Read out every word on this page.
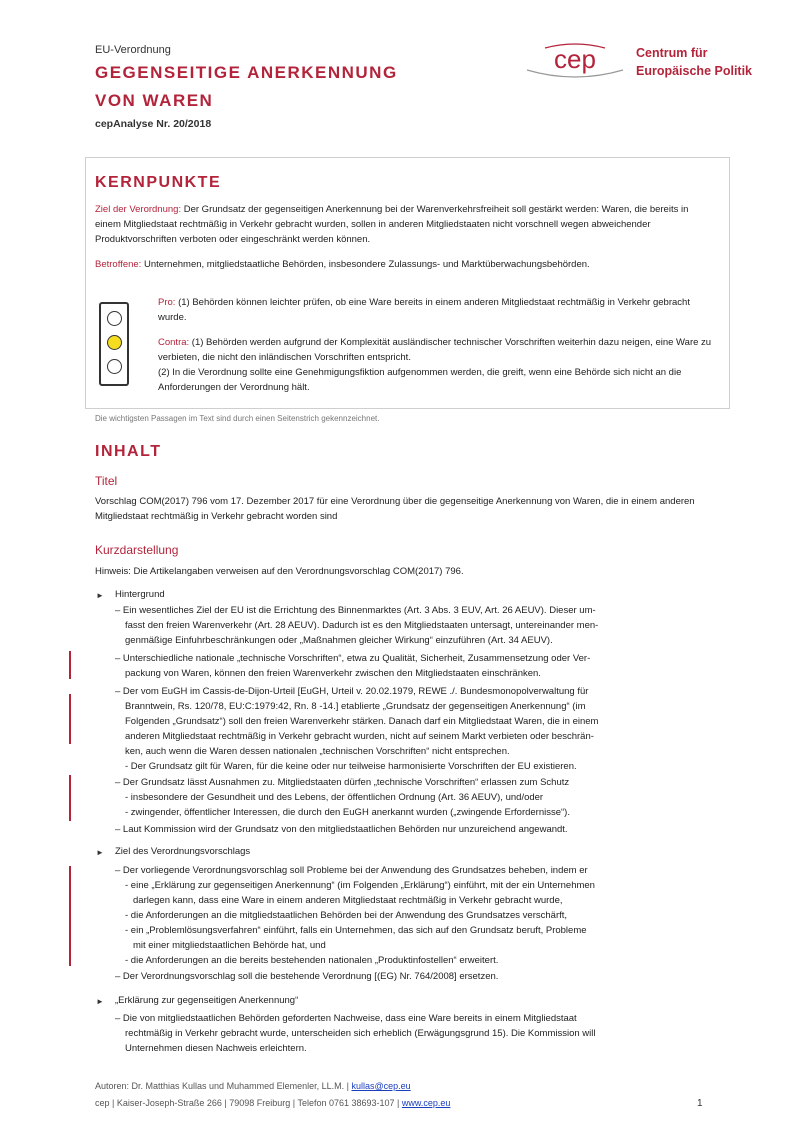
EU-Verordnung
GEGENSEITIGE ANERKENNUNG
VON WAREN
cepAnalyse Nr. 20/2018
cep	Centrum für
Europäische Politik
KERNPUNKTE
Ziel der Verordnung: Der Grundsatz der gegenseitigen Anerkennung bei der Warenverkehrsfreiheit soll gestärkt werden: Waren, die bereits in einem Mitgliedstaat rechtmäßig in Verkehr gebracht wurden, sollen in anderen Mitgliedstaaten nicht vorschnell wegen abweichender Produktvorschriften verboten oder eingeschränkt werden können.
Betroffene: Unternehmen, mitgliedstaatliche Behörden, insbesondere Zulassungs- und Marktüberwachungsbehörden.
Pro: (1) Behörden können leichter prüfen, ob eine Ware bereits in einem anderen Mitgliedstaat rechtmäßig in Verkehr gebracht wurde.
Contra: (1) Behörden werden aufgrund der Komplexität ausländischer technischer Vorschriften weiterhin dazu neigen, eine Ware zu verbieten, die nicht den inländischen Vorschriften entspricht.
(2) In die Verordnung sollte eine Genehmigungsfiktion aufgenommen werden, die greift, wenn eine Behörde sich nicht an die Anforderungen der Verordnung hält.
Die wichtigsten Passagen im Text sind durch einen Seitenstrich gekennzeichnet.
INHALT
Titel
Vorschlag COM(2017) 796 vom 17. Dezember 2017 für eine Verordnung über die gegenseitige Anerkennung von Waren, die in einem anderen Mitgliedstaat rechtmäßig in Verkehr gebracht worden sind
Kurzdarstellung
Hinweis: Die Artikelangaben verweisen auf den Verordnungsvorschlag COM(2017) 796.
► Hintergrund
– Ein wesentliches Ziel der EU ist die Errichtung des Binnenmarktes (Art. 3 Abs. 3 EUV, Art. 26 AEUV). Dieser um-
fasst den freien Warenverkehr (Art. 28 AEUV). Dadurch ist es den Mitgliedstaaten untersagt, untereinander men-
genmäßige Einfuhrbeschränkungen oder „Maßnahmen gleicher Wirkung“ einzuführen (Art. 34 AEUV).
– Unterschiedliche nationale „technische Vorschriften“, etwa zu Qualität, Sicherheit, Zusammensetzung oder Ver-
packung von Waren, können den freien Warenverkehr zwischen den Mitgliedstaaten einschränken.
– Der vom EuGH im Cassis-de-Dijon-Urteil [EuGH, Urteil v. 20.02.1979, REWE ./. Bundesmonopolverwaltung für
Branntwein, Rs. 120/78, EU:C:1979:42, Rn. 8 -14.] etablierte „Grundsatz der gegenseitigen Anerkennung“ (im
Folgenden „Grundsatz“) soll den freien Warenverkehr stärken. Danach darf ein Mitgliedstaat Waren, die in einem
anderen Mitgliedstaat rechtmäßig in Verkehr gebracht wurden, nicht auf seinem Markt verbieten oder beschrän-
ken, auch wenn die Waren dessen nationalen „technischen Vorschriften“ nicht entsprechen.
- Der Grundsatz gilt für Waren, für die keine oder nur teilweise harmonisierte Vorschriften der EU existieren.
– Der Grundsatz lässt Ausnahmen zu. Mitgliedstaaten dürfen „technische Vorschriften“ erlassen zum Schutz
- insbesondere der Gesundheit und des Lebens, der öffentlichen Ordnung (Art. 36 AEUV), und/oder
- zwingender, öffentlicher Interessen, die durch den EuGH anerkannt wurden („zwingende Erfordernisse“).
– Laut Kommission wird der Grundsatz von den mitgliedstaatlichen Behörden nur unzureichend angewandt.
► Ziel des Verordnungsvorschlags
– Der vorliegende Verordnungsvorschlag soll Probleme bei der Anwendung des Grundsatzes beheben, indem er
- eine „Erklärung zur gegenseitigen Anerkennung“ (im Folgenden „Erklärung“) einführt, mit der ein Unternehmen
darlegen kann, dass eine Ware in einem anderen Mitgliedstaat rechtmäßig in Verkehr gebracht wurde,
- die Anforderungen an die mitgliedstaatlichen Behörden bei der Anwendung des Grundsatzes verschärft,
- ein „Problemlösungsverfahren“ einführt, falls ein Unternehmen, das sich auf den Grundsatz beruft, Probleme
mit einer mitgliedstaatlichen Behörde hat, und
- die Anforderungen an die bereits bestehenden nationalen „Produktinfostellen“ erweitert.
– Der Verordnungsvorschlag soll die bestehende Verordnung [(EG) Nr. 764/2008] ersetzen.
► „Erklärung zur gegenseitigen Anerkennung“
– Die von mitgliedstaatlichen Behörden geforderten Nachweise, dass eine Ware bereits in einem Mitgliedstaat
rechtmäßig in Verkehr gebracht wurde, unterscheiden sich erheblich (Erwägungsgrund 15). Die Kommission will
Unternehmen diesen Nachweis erleichtern.
Autoren: Dr. Matthias Kullas und Muhammed Elemenler, LL.M. | kullas@cep.eu
cep | Kaiser-Joseph-Straße 266 | 79098 Freiburg | Telefon 0761 38693-107 | www.cep.eu	1
